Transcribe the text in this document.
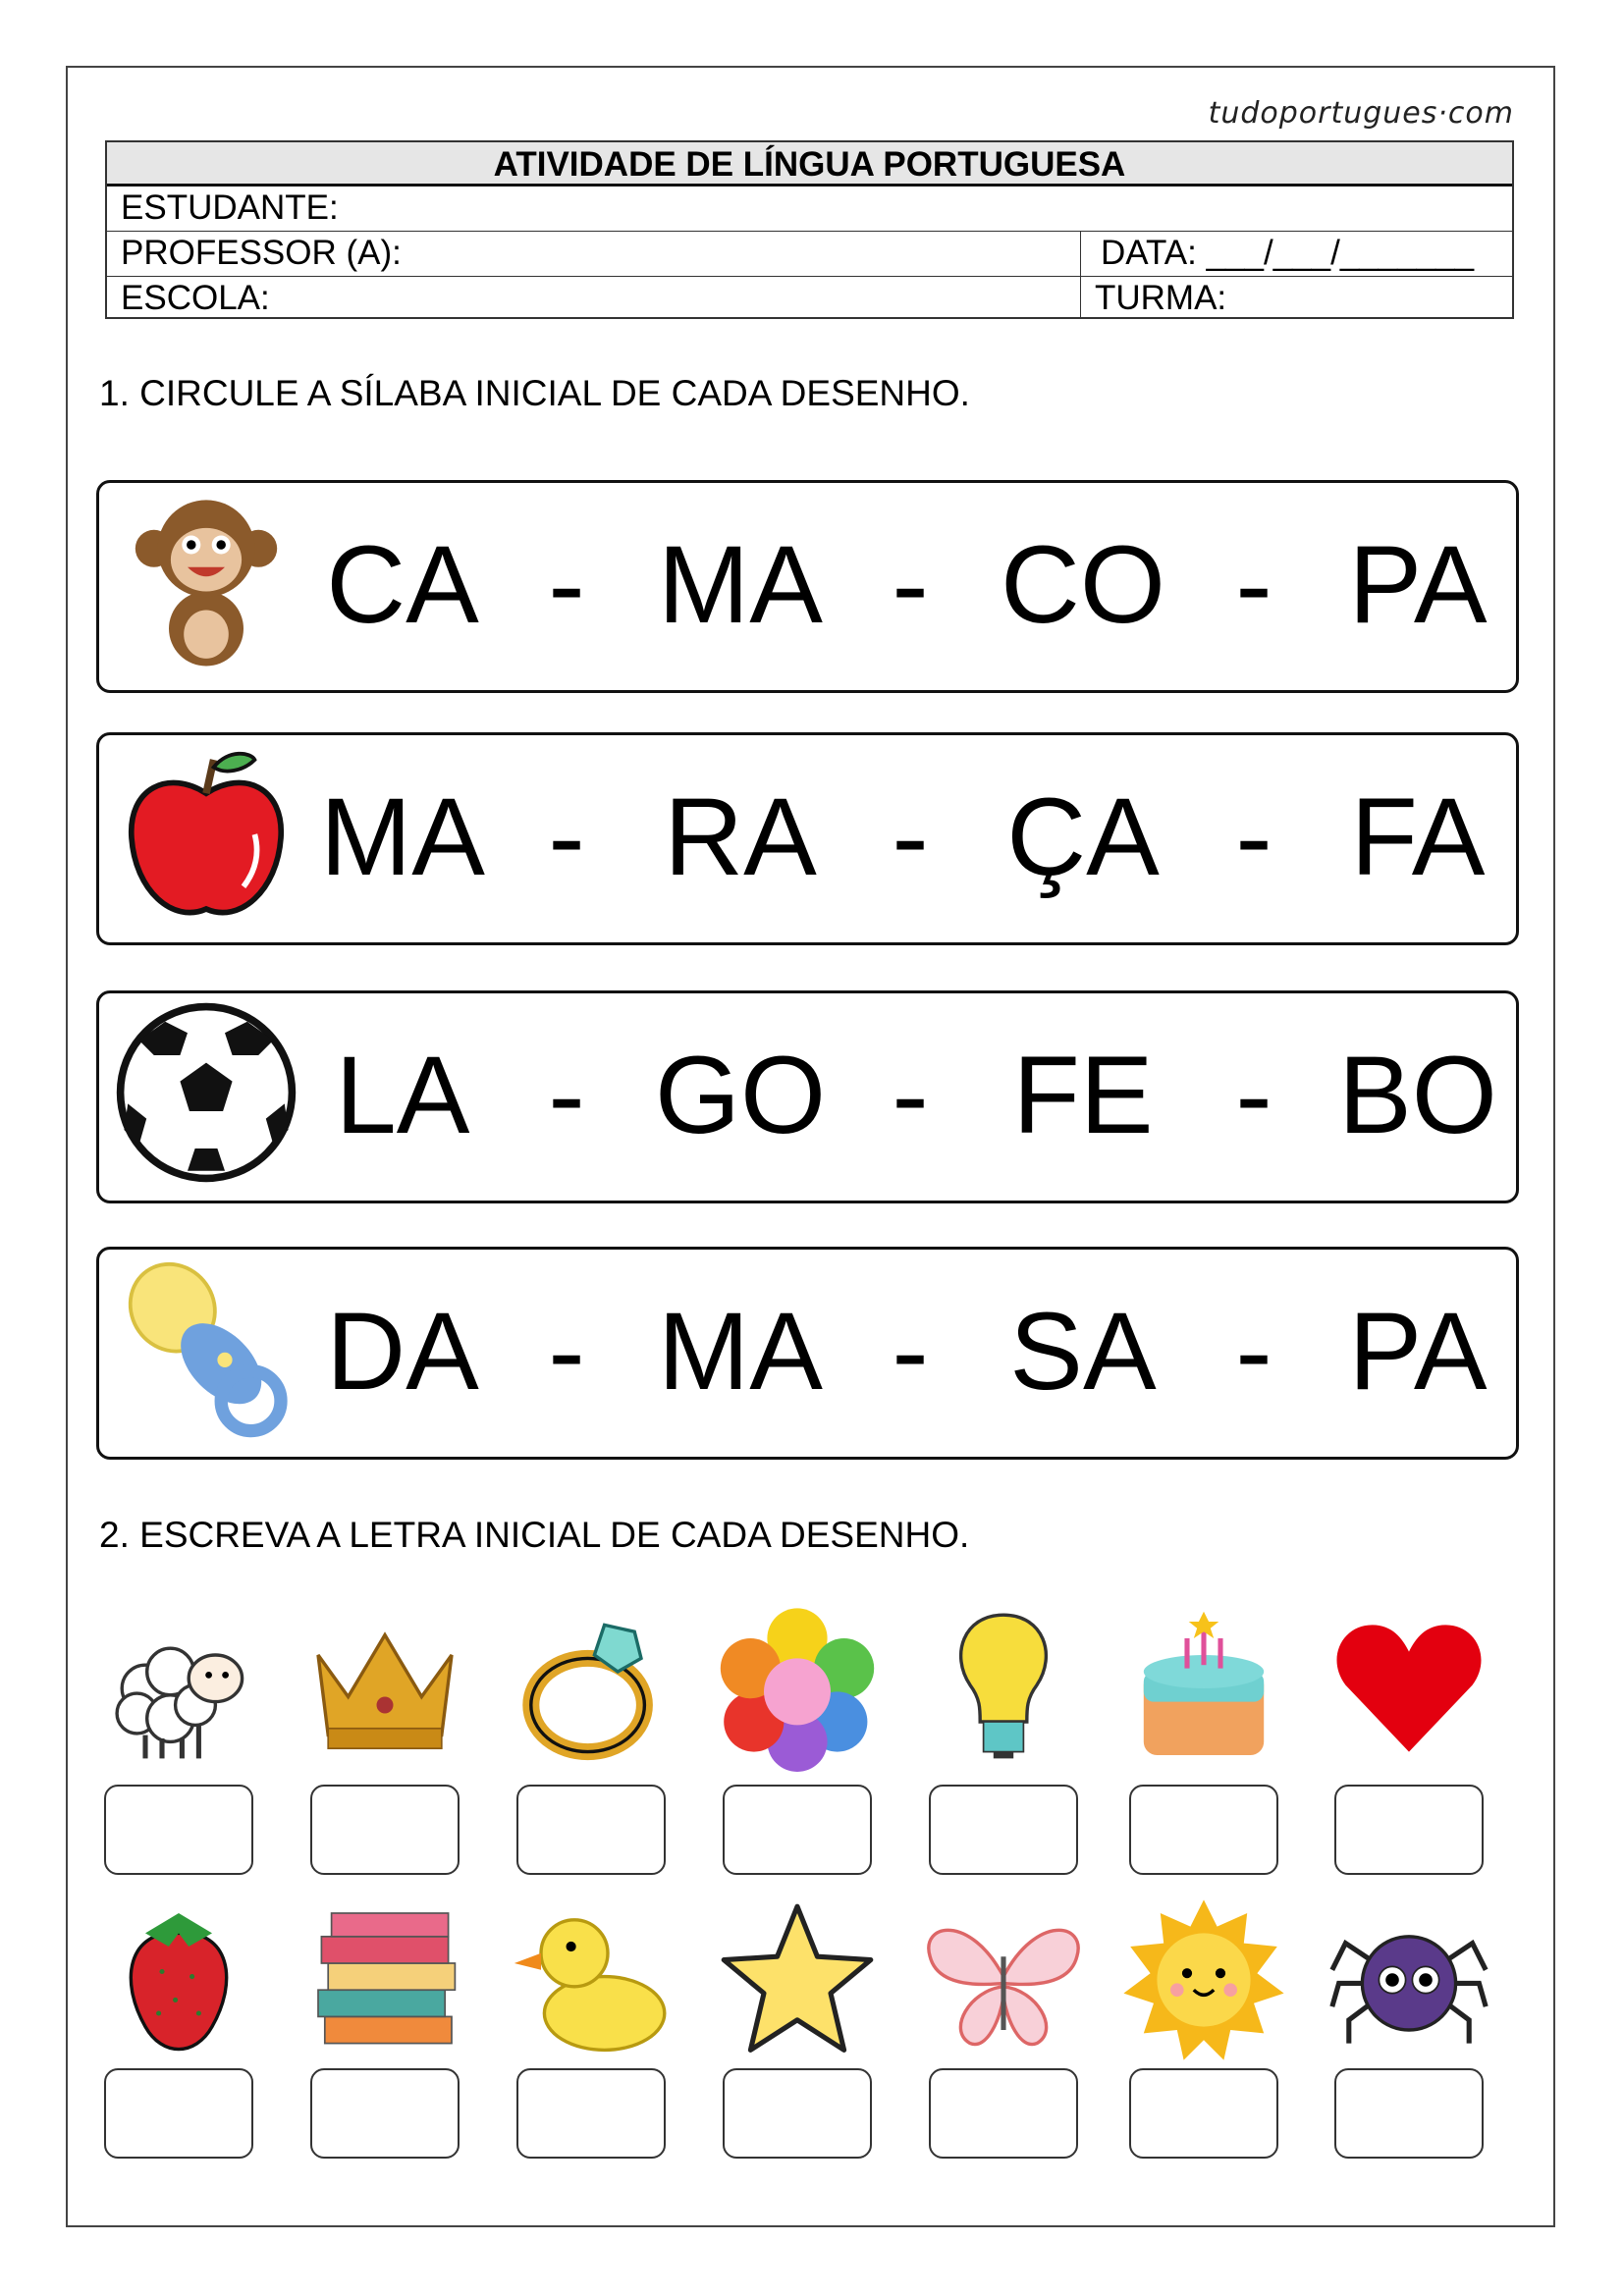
tudoportugues·com
ATIVIDADE DE LÍNGUA PORTUGUESA
ESTUDANTE:
PROFESSOR (A):	DATA: ___/___/_______
ESCOLA:	TURMA:
1. CIRCULE A SÍLABA INICIAL DE CADA DESENHO.
CA - MA - CO - PA
MA - RA - ÇA - FA
LA - GO - FE - BO
DA - MA - SA - PA
2. ESCREVA A LETRA INICIAL DE CADA DESENHO.
